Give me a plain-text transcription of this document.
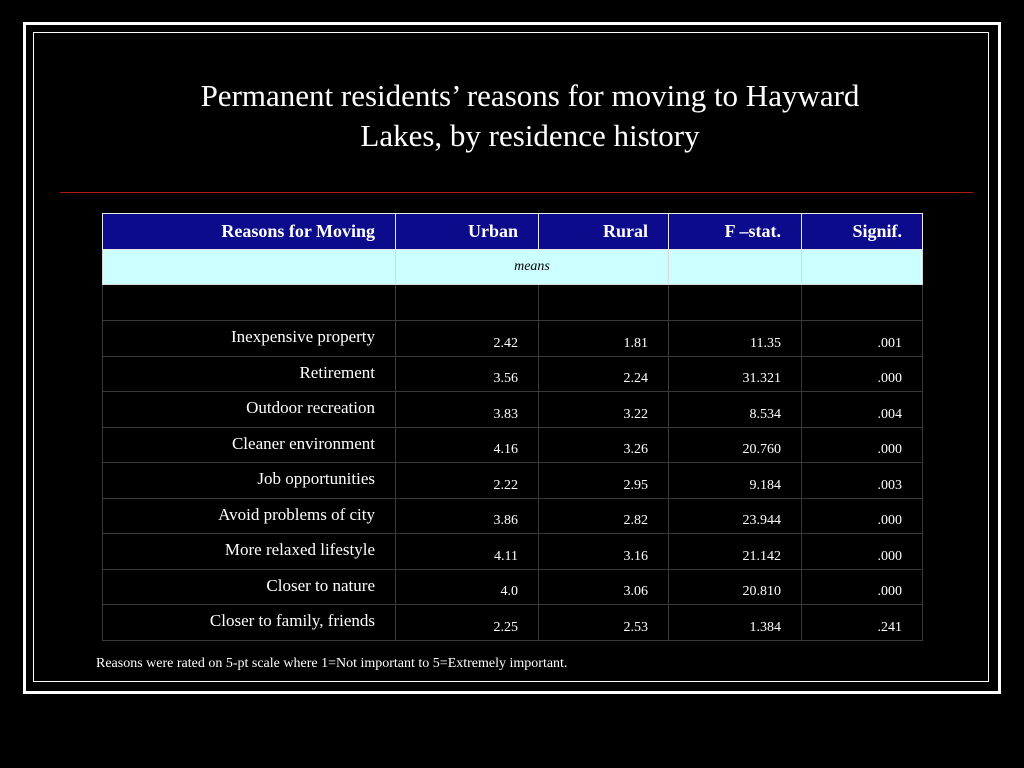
Permanent residents’ reasons for moving to Hayward
Lakes, by residence history
Reasons for Moving	Urban	Rural	F –stat.	Signif.
	means			

Inexpensive property	2.42	1.81	11.35	.001
Retirement	3.56	2.24	31.321	.000
Outdoor recreation	3.83	3.22	8.534	.004
Cleaner environment	4.16	3.26	20.760	.000
Job opportunities	2.22	2.95	9.184	.003
Avoid problems of city	3.86	2.82	23.944	.000
More relaxed lifestyle	4.11	3.16	21.142	.000
Closer to nature	4.0	3.06	20.810	.000
Closer to family, friends	2.25	2.53	1.384	.241
Reasons were rated on 5-pt scale where 1=Not important to 5=Extremely important.
